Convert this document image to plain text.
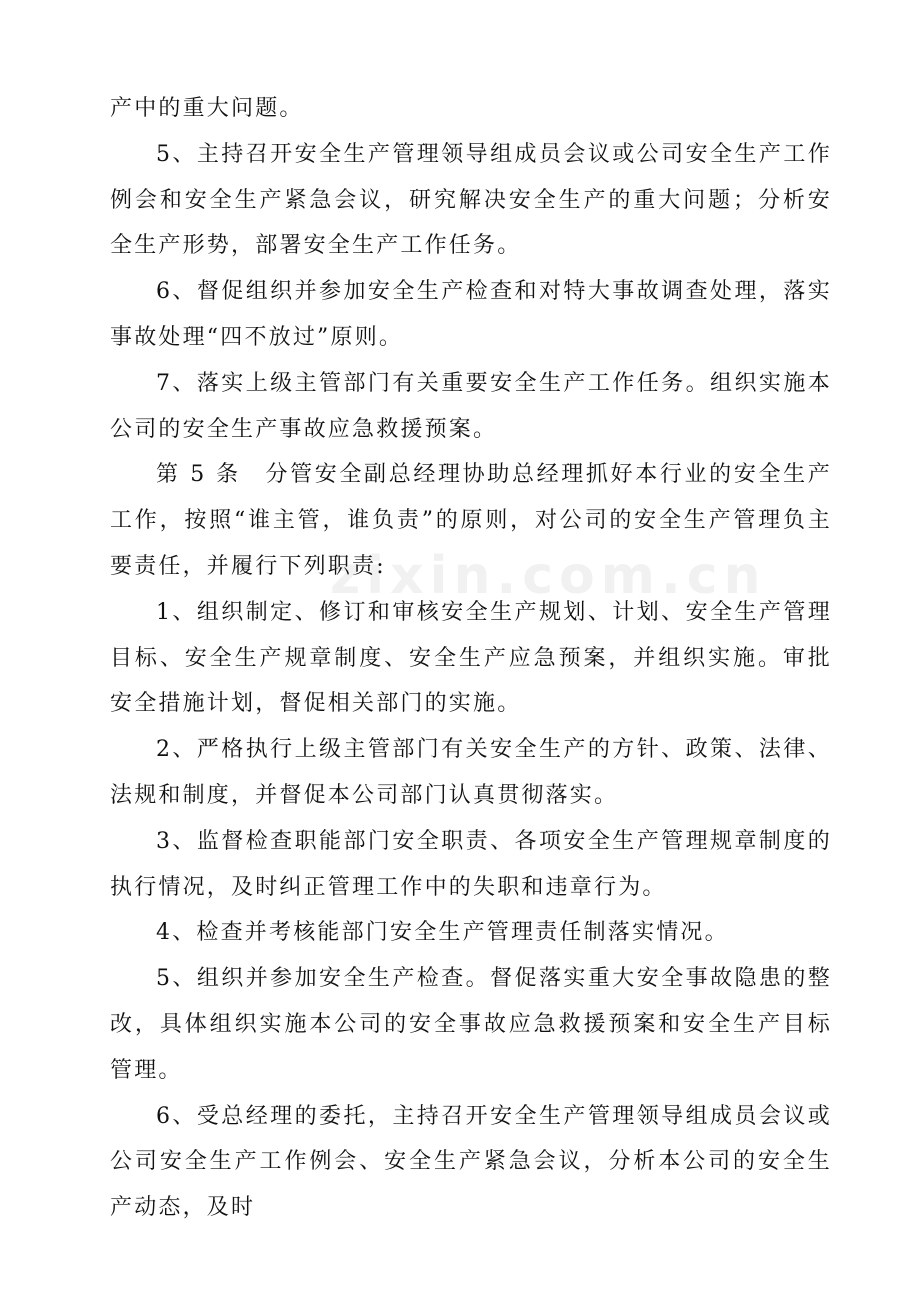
zixin.com.cn

产中的重大问题。

5、主持召开安全生产管理领导组成员会议或公司安全生产工作例会和安全生产紧急会议，研究解决安全生产的重大问题；分析安全生产形势，部署安全生产工作任务。

6、督促组织并参加安全生产检查和对特大事故调查处理，落实事故处理“四不放过”原则。

7、落实上级主管部门有关重要安全生产工作任务。组织实施本公司的安全生产事故应急救援预案。

第 5 条　分管安全副总经理协助总经理抓好本行业的安全生产工作，按照“谁主管，谁负责”的原则，对公司的安全生产管理负主要责任，并履行下列职责:

1、组织制定、修订和审核安全生产规划、计划、安全生产管理目标、安全生产规章制度、安全生产应急预案，并组织实施。审批安全措施计划，督促相关部门的实施。

2、严格执行上级主管部门有关安全生产的方针、政策、法律、法规和制度，并督促本公司部门认真贯彻落实。

3、监督检查职能部门安全职责、各项安全生产管理规章制度的执行情况，及时纠正管理工作中的失职和违章行为。

4、检查并考核能部门安全生产管理责任制落实情况。

5、组织并参加安全生产检查。督促落实重大安全事故隐患的整改，具体组织实施本公司的安全事故应急救援预案和安全生产目标管理。

6、受总经理的委托，主持召开安全生产管理领导组成员会议或公司安全生产工作例会、安全生产紧急会议，分析本公司的安全生产动态，及时
